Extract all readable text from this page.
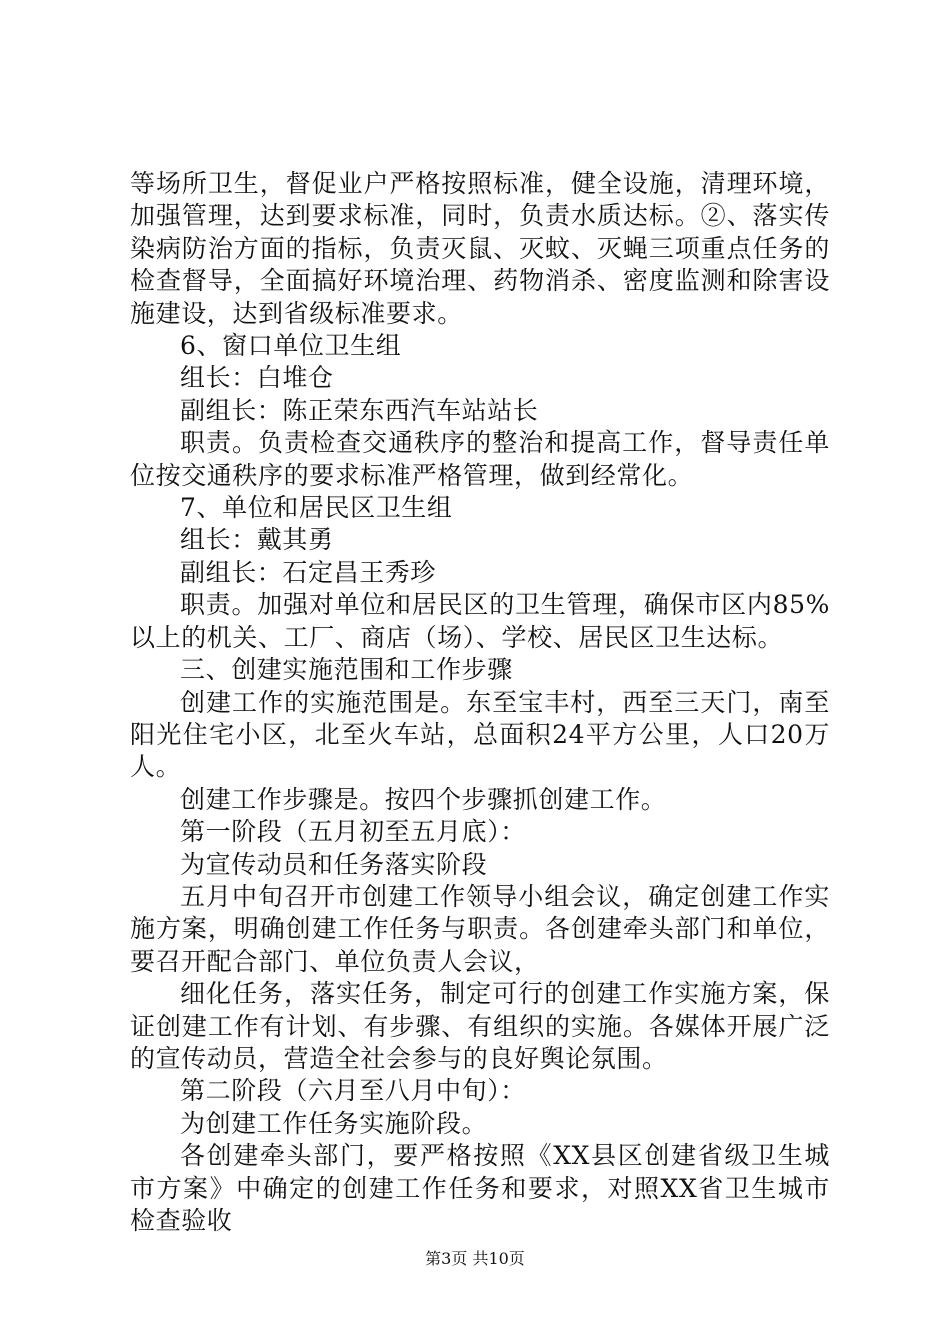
等场所卫生，督促业户严格按照标准，健全设施，清理环境，加强管理，达到要求标准，同时，负责水质达标。②、落实传染病防治方面的指标，负责灭鼠、灭蚊、灭蝇三项重点任务的检查督导，全面搞好环境治理、药物消杀、密度监测和除害设施建设，达到省级标准要求。

6、窗口单位卫生组

组长：白堆仓

副组长：陈正荣东西汽车站站长

职责。负责检查交通秩序的整治和提高工作，督导责任单位按交通秩序的要求标准严格管理，做到经常化。

7、单位和居民区卫生组

组长：戴其勇

副组长：石定昌王秀珍

职责。加强对单位和居民区的卫生管理，确保市区内85%以上的机关、工厂、商店（场）、学校、居民区卫生达标。

三、创建实施范围和工作步骤

创建工作的实施范围是。东至宝丰村，西至三天门，南至阳光住宅小区，北至火车站，总面积24平方公里，人口20万人。

创建工作步骤是。按四个步骤抓创建工作。

第一阶段（五月初至五月底）：

为宣传动员和任务落实阶段

五月中旬召开市创建工作领导小组会议，确定创建工作实施方案，明确创建工作任务与职责。各创建牵头部门和单位，要召开配合部门、单位负责人会议，

细化任务，落实任务，制定可行的创建工作实施方案，保证创建工作有计划、有步骤、有组织的实施。各媒体开展广泛的宣传动员，营造全社会参与的良好舆论氛围。

第二阶段（六月至八月中旬）：

为创建工作任务实施阶段。

各创建牵头部门，要严格按照《XX县区创建省级卫生城市方案》中确定的创建工作任务和要求，对照XX省卫生城市检查验收

第3页 共10页
